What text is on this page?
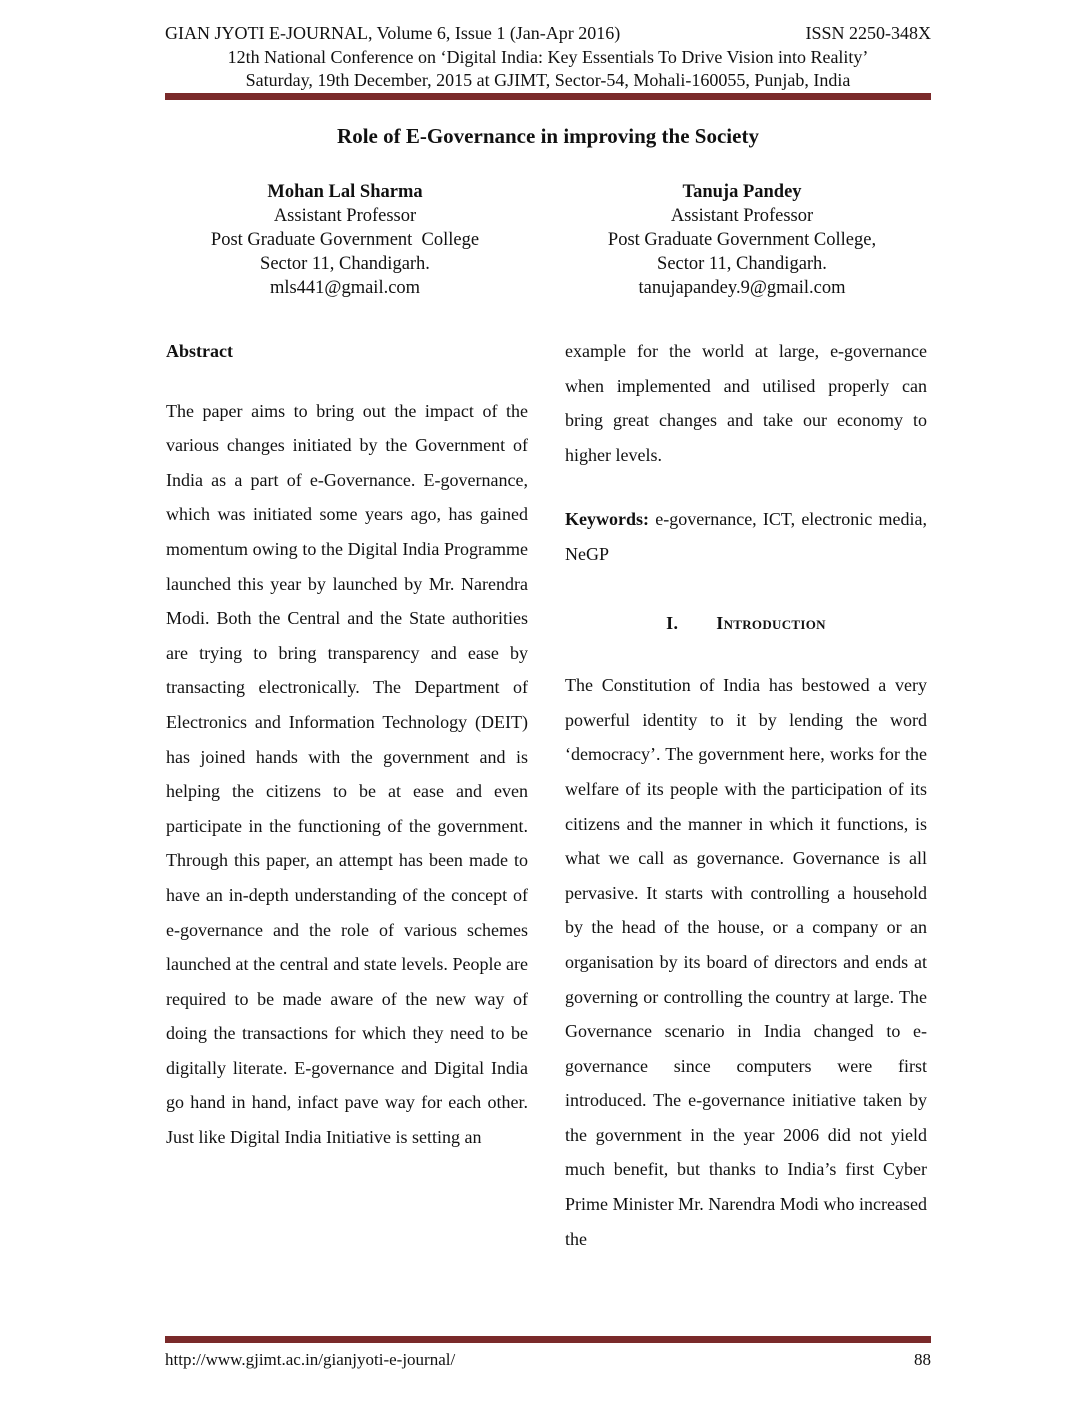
GIAN JYOTI E-JOURNAL, Volume 6, Issue 1 (Jan-Apr 2016)	ISSN 2250-348X
12th National Conference on ‘Digital India: Key Essentials To Drive Vision into Reality’
Saturday, 19th December, 2015 at GJIMT, Sector-54, Mohali-160055, Punjab, India
Role of E-Governance in improving the Society
Mohan Lal Sharma
Assistant Professor
Post Graduate Government  College
Sector 11, Chandigarh.
mls441@gmail.com
Tanuja Pandey
Assistant Professor
Post Graduate Government College,
Sector 11, Chandigarh.
tanujapandey.9@gmail.com

Abstract

The paper aims to bring out the impact of the various changes initiated by the Government of India as a part of e-Governance. E-governance, which was initiated some years ago, has gained momentum owing to the Digital India Programme launched this year by launched by Mr. Narendra Modi. Both the Central and the State authorities are trying to bring transparency and ease by transacting electronically. The Department of Electronics and Information Technology (DEIT) has joined hands with the government and is helping the citizens to be at ease and even participate in the functioning of the government. Through this paper, an attempt has been made to have an in-depth understanding of the concept of e-governance and the role of various schemes launched at the central and state levels. People are required to be made aware of the new way of doing the transactions for which they need to be digitally literate. E-governance and Digital India go hand in hand, infact pave way for each other. Just like Digital India Initiative is setting an

example for the world at large, e-governance when implemented and utilised properly can bring great changes and take our economy to higher levels.

Keywords: e-governance, ICT, electronic media, NeGP

I. Introduction

The Constitution of India has bestowed a very powerful identity to it by lending the word ‘democracy’. The government here, works for the welfare of its people with the participation of its citizens and the manner in which it functions, is what we call as governance. Governance is all pervasive. It starts with controlling a household by the head of the house, or a company or an organisation by its board of directors and ends at governing or controlling the country at large. The Governance scenario in India changed to e-governance since computers were first introduced. The e-governance initiative taken by the government in the year 2006 did not yield much benefit, but thanks to India’s first Cyber Prime Minister Mr. Narendra Modi who increased the

http://www.gjimt.ac.in/gianjyoti-e-journal/	88
